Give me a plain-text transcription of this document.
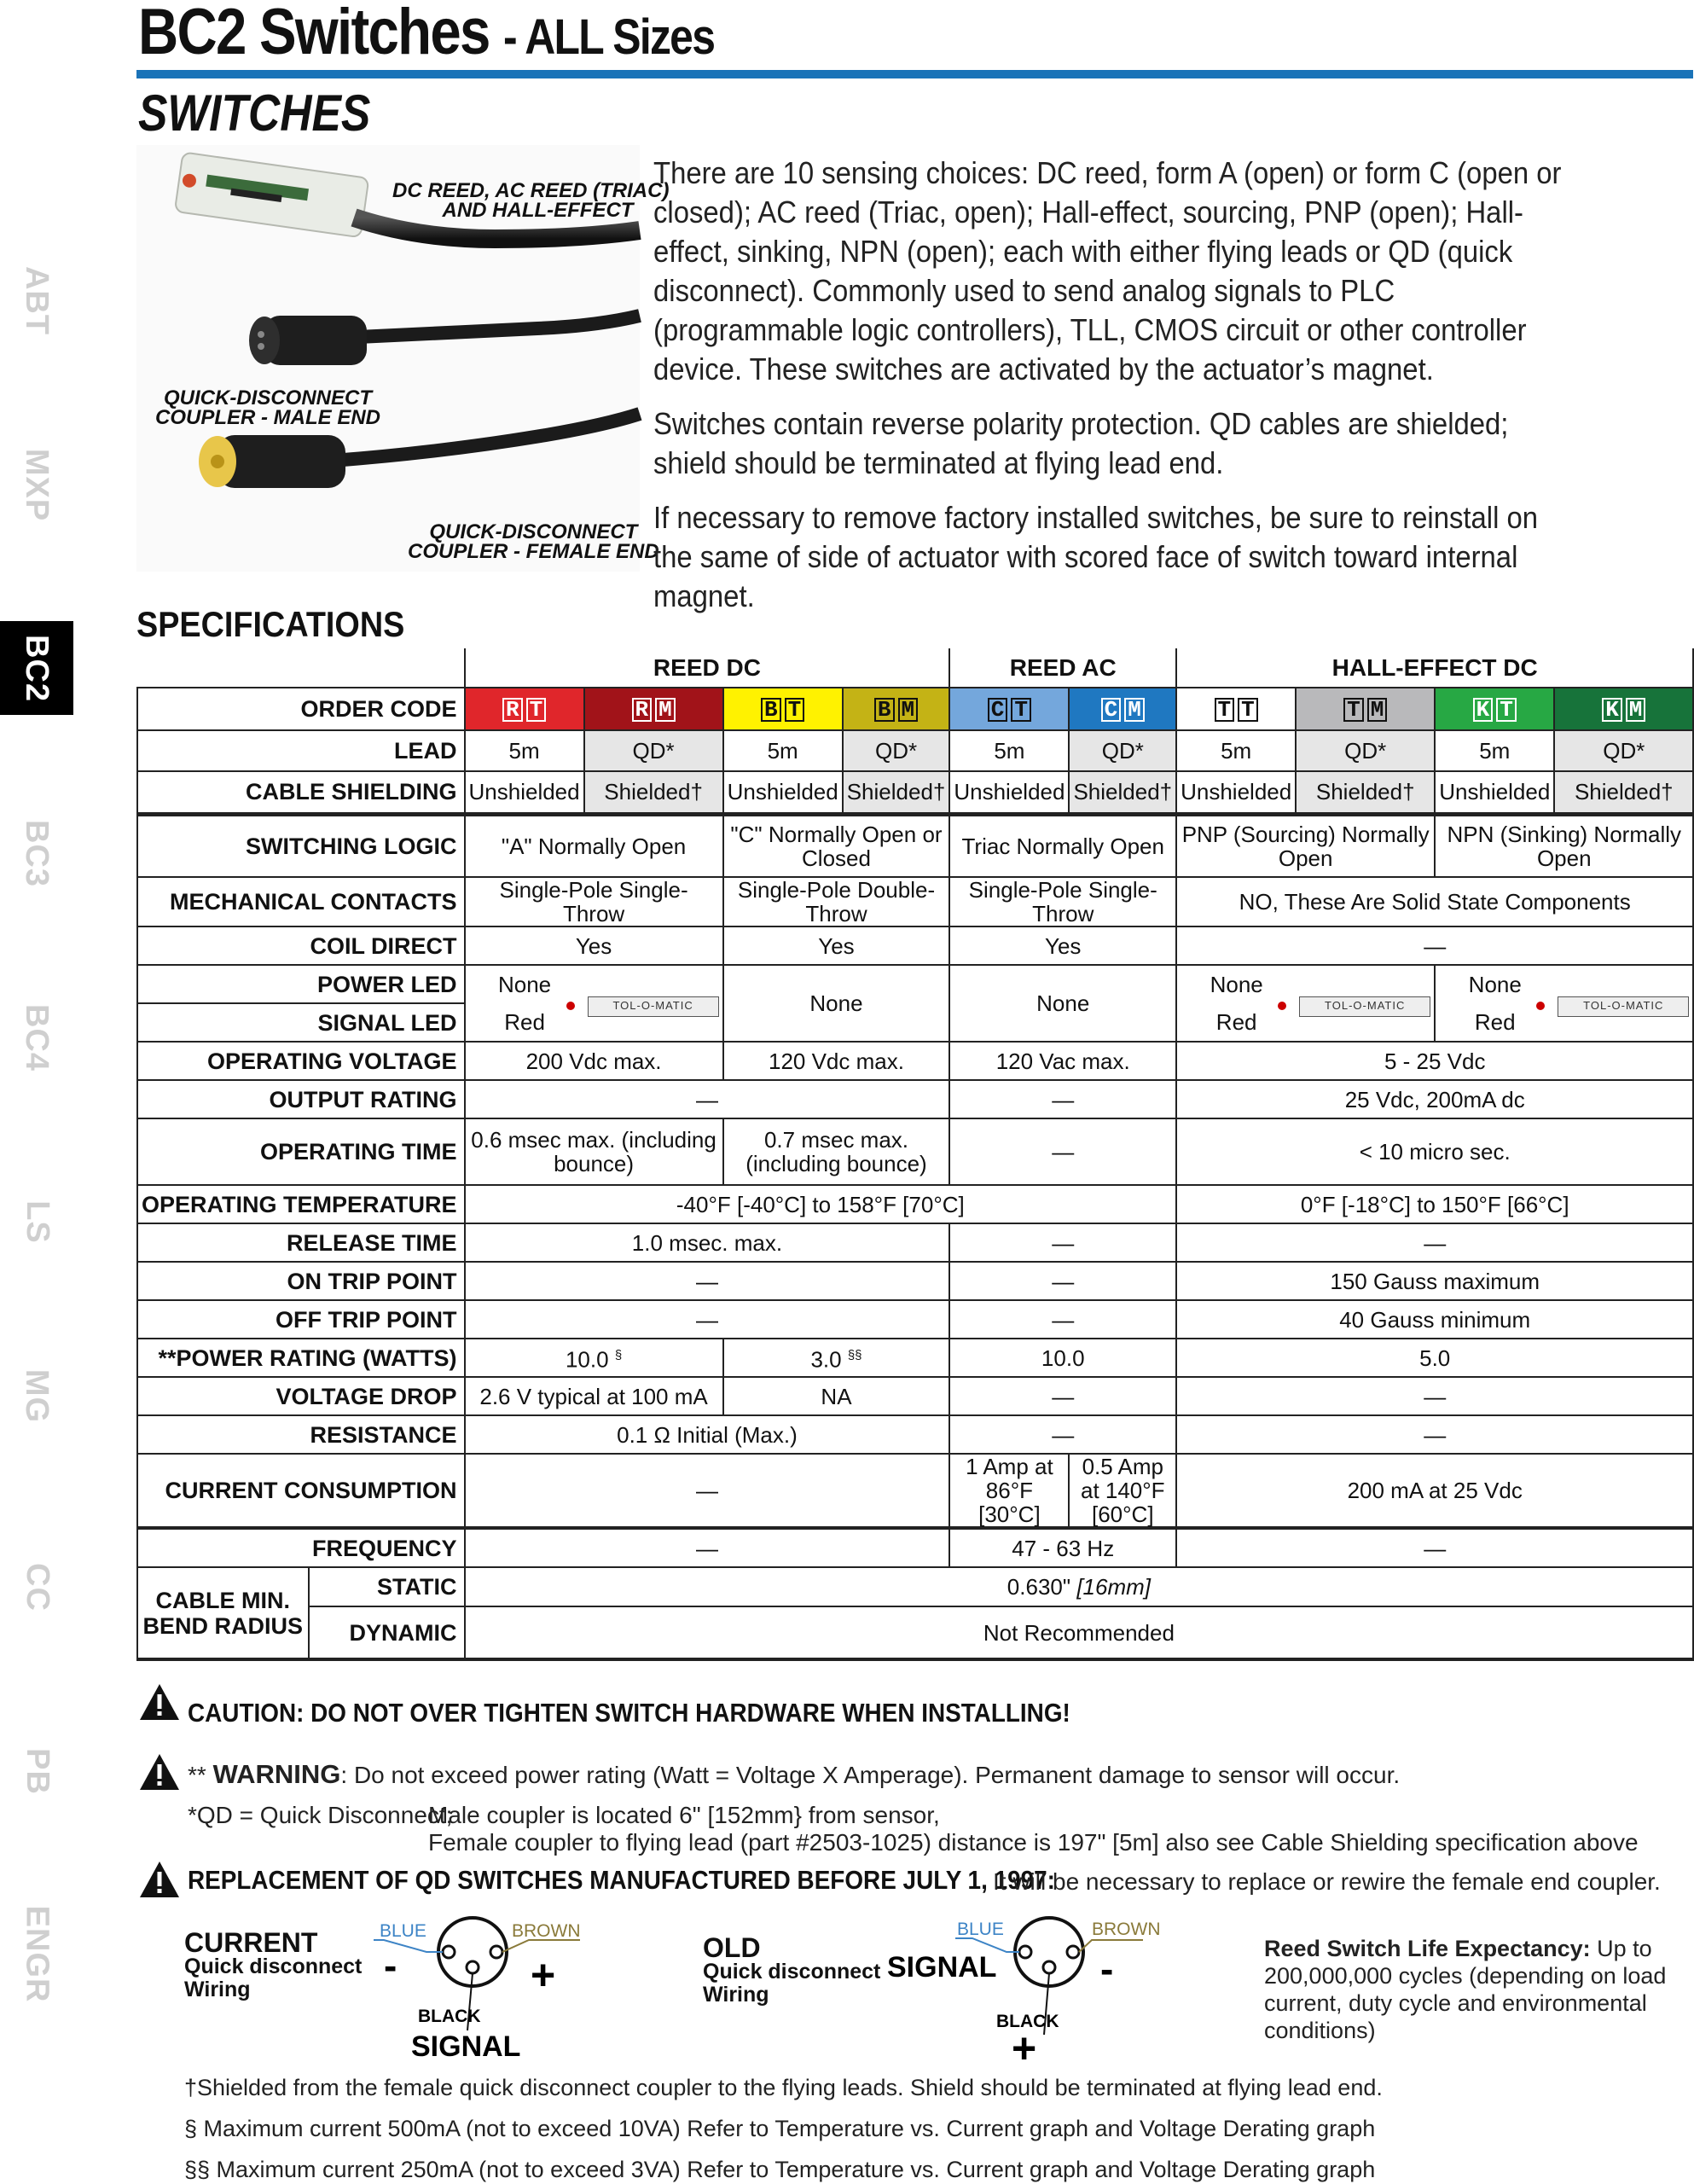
BC2 Switches - ALL Sizes
SWITCHES
ABT
MXP
BC2
BC3
BC4
LS
MG
CC
PB
ENGR
DC REED, AC REED (TRIAC)
AND HALL-EFFECT
QUICK-DISCONNECT
COUPLER - MALE END
QUICK-DISCONNECT
COUPLER - FEMALE END

There are 10 sensing choices: DC reed, form A (open) or form C (open or closed); AC reed (Triac, open); Hall-effect, sourcing, PNP (open); Hall-effect, sinking, NPN (open); each with either flying leads or QD (quick disconnect). Commonly used to send analog signals to PLC (programmable logic controllers), TLL, CMOS circuit or other controller device. These switches are activated by the actuator’s magnet.

Switches contain reverse polarity protection. QD cables are shielded; shield should be terminated at flying lead end.

If necessary to remove factory installed switches, be sure to reinstall on the same of side of actuator with scored face of switch toward internal magnet.

SPECIFICATIONS
		REED DC				REED AC		HALL-EFFECT DC			
ORDER CODE		R T	R M	B T	B M	C T	C M	T T	T M	K T	K M
LEAD		5m	QD*	5m	QD*	5m	QD*	5m	QD*	5m	QD*
CABLE SHIELDING		Unshielded	Shielded†	Unshielded	Shielded†	Unshielded	Shielded†	Unshielded	Shielded†	Unshielded	Shielded†
SWITCHING LOGIC		"A" Normally Open		"C" Normally Open or Closed		Triac Normally Open		PNP (Sourcing) Normally Open		NPN (Sinking) Normally Open	
MECHANICAL CONTACTS		Single-Pole Single-Throw		Single-Pole Double-Throw		Single-Pole Single-Throw		NO, These Are Solid State Components			
COIL DIRECT		Yes		Yes		Yes		—			
POWER LED		None	TOL-O-MATIC	None		None		None	TOL-O-MATIC	None	TOL-O-MATIC
SIGNAL LED		Red						Red		Red	
OPERATING VOLTAGE		200 Vdc max.		120 Vdc max.		120 Vac max.		5 - 25 Vdc			
OUTPUT RATING		—				—		25 Vdc, 200mA dc			
OPERATING TIME		0.6 msec max. (including bounce)		0.7 msec max. (including bounce)		—		< 10 micro sec.			
OPERATING TEMPERATURE		-40°F [-40°C] to 158°F [70°C]						0°F [-18°C] to 150°F [66°C]			
RELEASE TIME		1.0 msec. max.				—		—			
ON TRIP POINT		—				—		150 Gauss maximum			
OFF TRIP POINT		—				—		40 Gauss minimum			
**POWER RATING (WATTS)		10.0 §		3.0 §§		10.0		5.0			
VOLTAGE DROP		2.6 V typical at 100 mA		NA		—		—			
RESISTANCE		0.1 Ω Initial (Max.)				—		—			
CURRENT CONSUMPTION		—				1 Amp at 86°F [30°C]	0.5 Amp at 140°F [60°C]	200 mA at 25 Vdc			
FREQUENCY		—				47 - 63 Hz		—			
CABLE MIN. BEND RADIUS	STATIC	0.630" [16mm]									
	DYNAMIC	Not Recommended									
CAUTION: DO NOT OVER TIGHTEN SWITCH HARDWARE WHEN INSTALLING!
** WARNING: Do not exceed power rating (Watt = Voltage X Amperage). Permanent damage to sensor will occur.
*QD = Quick Disconnect;
Male coupler is located 6" [152mm} from sensor,
Female coupler to flying lead (part #2503-1025) distance is 197" [5m] also see Cable Shielding specification above
REPLACEMENT OF QD SWITCHES MANUFACTURED BEFORE JULY 1, 1997:
It will be necessary to replace or rewire the female end coupler.
CURRENT
Quick disconnect
Wiring
BLUE	BROWN
-	+
BLACK
SIGNAL
OLD
Quick disconnect
Wiring
BLUE	BROWN
SIGNAL	-
BLACK
+
Reed Switch Life Expectancy: Up to 200,000,000 cycles (depending on load current, duty cycle and environmental conditions)
†Shielded from the female quick disconnect coupler to the flying leads. Shield should be terminated at flying lead end.
§ Maximum current 500mA (not to exceed 10VA) Refer to Temperature vs. Current graph and Voltage Derating graph
§§ Maximum current 250mA (not to exceed 3VA) Refer to Temperature vs. Current graph and Voltage Derating graph
